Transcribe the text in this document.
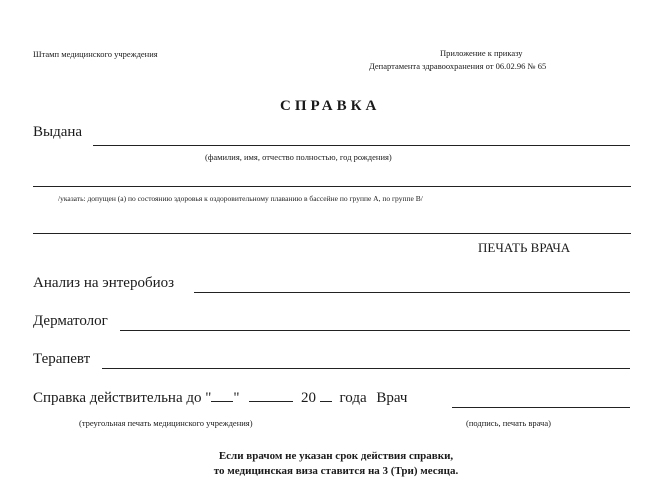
Штамп медицинского учреждения	Приложение к приказу
Департамента здравоохранения от 06.02.96 № 65
СПРАВКА
Выдана
(фамилия, имя, отчество полностью, год рождения)
/указать: допущен (а) по состоянию здоровья к оздоровительному плаванию в бассейне по группе А, по группе В/
ПЕЧАТЬ ВРАЧА
Анализ на энтеробиоз
Дерматолог
Терапевт
Справка действительна до " "	20 года Врач
(треугольная печать медицинского учреждения)	(подпись, печать врача)
Если врачом не указан срок действия справки,
то медицинская виза ставится на 3 (Три) месяца.
